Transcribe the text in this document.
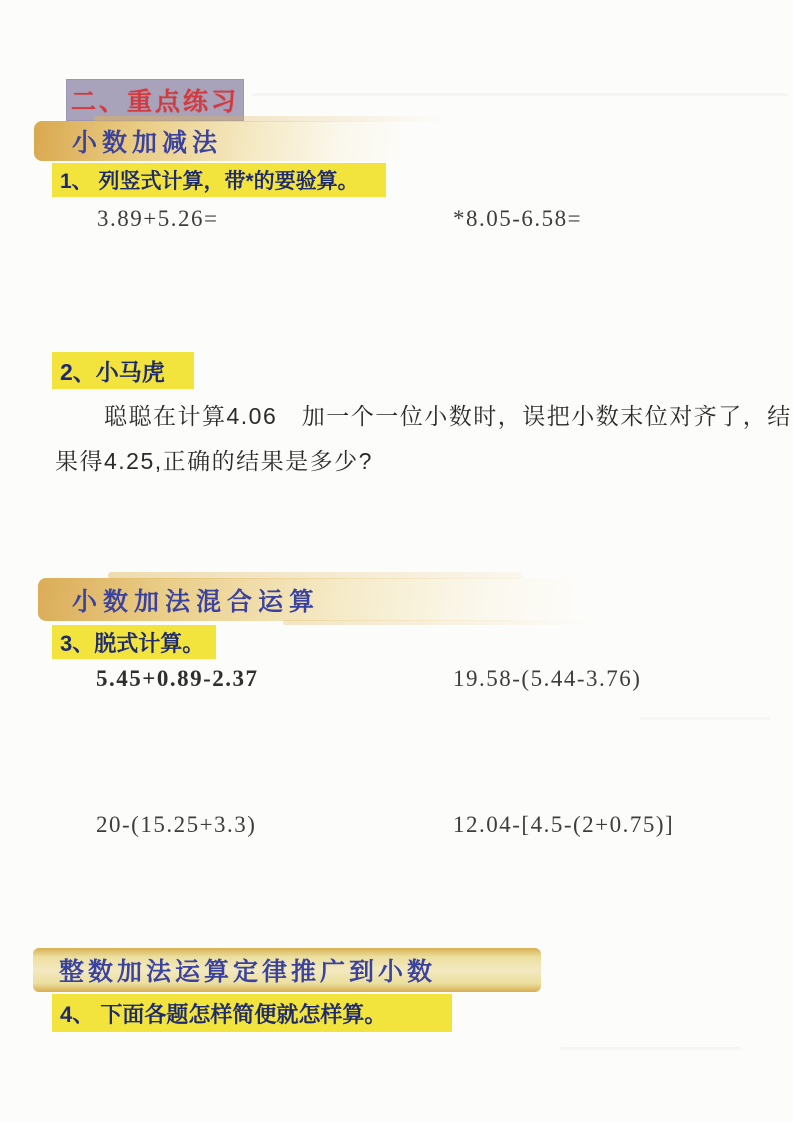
二、重点练习
小数加减法
1、 列竖式计算，带*的要验算。
3.89+5.26=	*8.05-6.58=
2、小马虎
聪聪在计算4.06　加一个一位小数时，误把小数末位对齐了，结
果得4.25,正确的结果是多少?
小数加法混合运算
3、脱式计算。
5.45+0.89-2.37	19.58-(5.44-3.76)
20-(15.25+3.3)	12.04-[4.5-(2+0.75)]
整数加法运算定律推广到小数
4、 下面各题怎样简便就怎样算。
